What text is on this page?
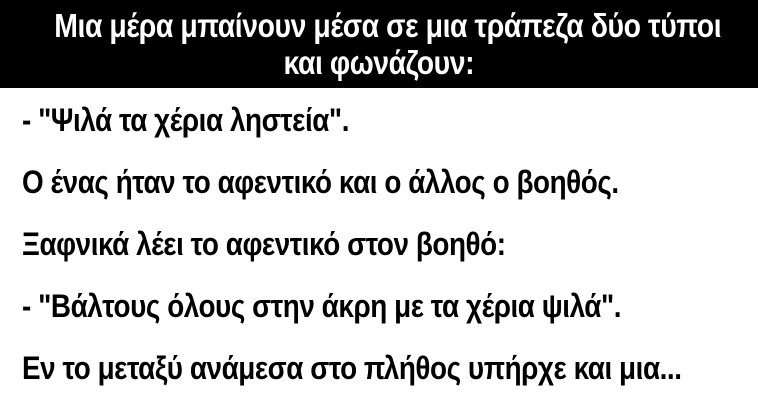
Μια μέρα μπαίνουν μέσα σε μια τράπεζα δύο τύποι
και φωνάζουν:

- "Ψιλά τα χέρια ληστεία".

Ο ένας ήταν το αφεντικό και ο άλλος ο βοηθός.

Ξαφνικά λέει το αφεντικό στον βοηθό:

- "Βάλτους όλους στην άκρη με τα χέρια ψιλά".

Εν το μεταξύ ανάμεσα στο πλήθος υπήρχε και μια...
